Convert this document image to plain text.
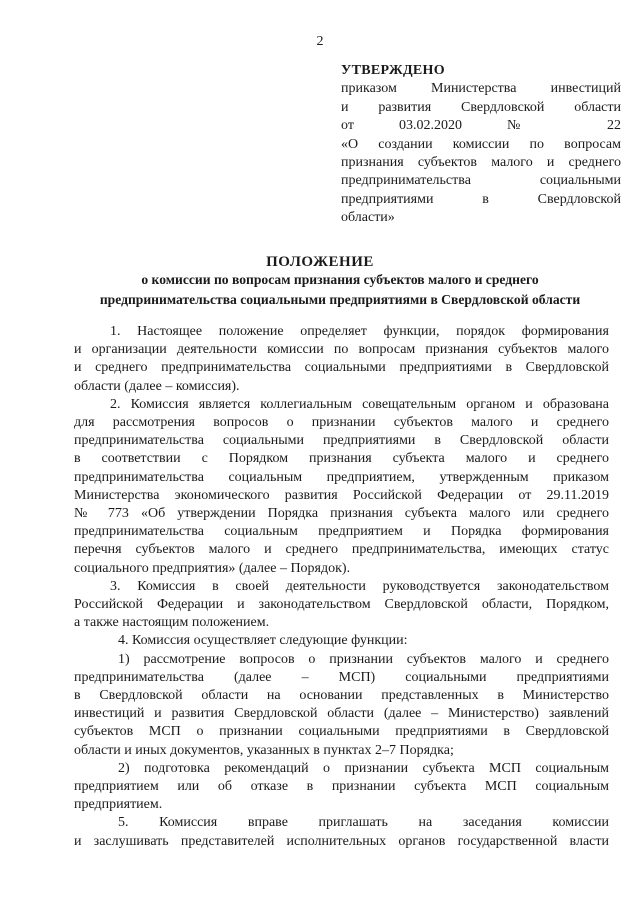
2
УТВЕРЖДЕНО
приказом Министерства инвестиций
и развития Свердловской области
от 03.02.2020 № 22
«О создании комиссии по вопросам
признания субъектов малого и среднего
предпринимательства социальными
предприятиями в Свердловской
области»
ПОЛОЖЕНИЕ
о комиссии по вопросам признания субъектов малого и среднего
предпринимательства социальными предприятиями в Свердловской области
1. Настоящее положение определяет функции, порядок формирования
и организации деятельности комиссии по вопросам признания субъектов малого
и среднего предпринимательства социальными предприятиями в Свердловской
области (далее – комиссия).
2. Комиссия является коллегиальным совещательным органом и образована
для рассмотрения вопросов о признании субъектов малого и среднего
предпринимательства социальными предприятиями в Свердловской области
в соответствии с Порядком признания субъекта малого и среднего
предпринимательства социальным предприятием, утвержденным приказом
Министерства экономического развития Российской Федерации от 29.11.2019
№ 773 «Об утверждении Порядка признания субъекта малого или среднего
предпринимательства социальным предприятием и Порядка формирования
перечня субъектов малого и среднего предпринимательства, имеющих статус
социального предприятия» (далее – Порядок).
3. Комиссия в своей деятельности руководствуется законодательством
Российской Федерации и законодательством Свердловской области, Порядком,
а также настоящим положением.
4. Комиссия осуществляет следующие функции:
1) рассмотрение вопросов о признании субъектов малого и среднего
предпринимательства (далее – МСП) социальными предприятиями
в Свердловской области на основании представленных в Министерство
инвестиций и развития Свердловской области (далее – Министерство) заявлений
субъектов МСП о признании социальными предприятиями в Свердловской
области и иных документов, указанных в пунктах 2–7 Порядка;
2) подготовка рекомендаций о признании субъекта МСП социальным
предприятием или об отказе в признании субъекта МСП социальным
предприятием.
5. Комиссия вправе приглашать на заседания комиссии
и заслушивать представителей исполнительных органов государственной власти
